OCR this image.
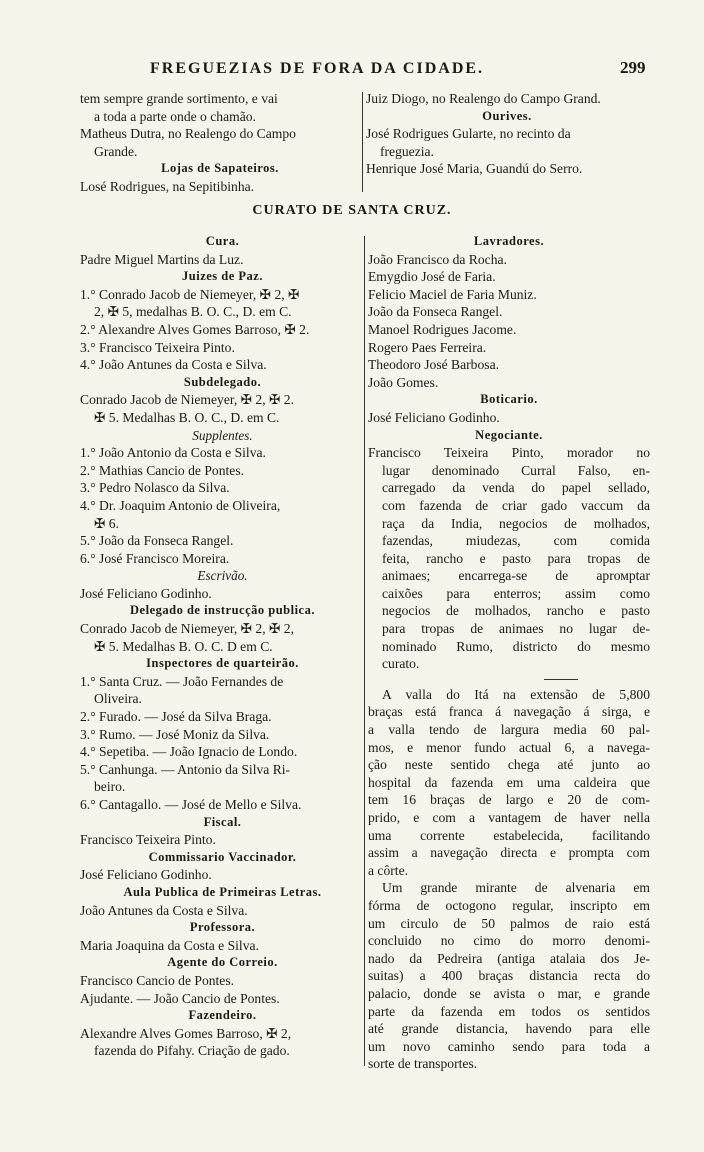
FREGUEZIAS DE FORA DA CIDADE.	299
tem sempre grande sortimento, e vai
a toda a parte onde o chamão.
Matheus Dutra, no Realengo do Campo
Grande.
Lojas de Sapateiros.
Losé Rodrigues, na Sepitibinha.
Juiz Diogo, no Realengo do Campo Grand.
Ourives.
José Rodrigues Gularte, no recinto da
freguezia.
Henrique José Maria, Guandú do Serro.
CURATO DE SANTA CRUZ.
Cura.
Padre Miguel Martins da Luz.
Juizes de Paz.
1.° Conrado Jacob de Niemeyer, ✠ 2, ✠
2, ✠ 5, medalhas B. O. C., D. em C.
2.° Alexandre Alves Gomes Barroso, ✠ 2.
3.° Francisco Teixeira Pinto.
4.° João Antunes da Costa e Silva.
Subdelegado.
Conrado Jacob de Niemeyer, ✠ 2, ✠ 2.
✠ 5. Medalhas B. O. C., D. em C.
Supplentes.
1.° João Antonio da Costa e Silva.
2.° Mathias Cancio de Pontes.
3.° Pedro Nolasco da Silva.
4.° Dr. Joaquim Antonio de Oliveira,
✠ 6.
5.° João da Fonseca Rangel.
6.° José Francisco Moreira.
Escrivão.
José Feliciano Godinho.
Delegado de instrucção publica.
Conrado Jacob de Niemeyer, ✠ 2, ✠ 2,
✠ 5. Medalhas B. O. C. D em C.
Inspectores de quarteirão.
1.° Santa Cruz. — João Fernandes de
Oliveira.
2.° Furado. — José da Silva Braga.
3.° Rumo. — José Moniz da Silva.
4.° Sepetiba. — João Ignacio de Londo.
5.° Canhunga. — Antonio da Silva Ri-
beiro.
6.° Cantagallo. — José de Mello e Silva.
Fiscal.
Francisco Teixeira Pinto.
Commissario Vaccinador.
José Feliciano Godinho.
Aula Publica de Primeiras Letras.
João Antunes da Costa e Silva.
Professora.
Maria Joaquina da Costa e Silva.
Agente do Correio.
Francisco Cancio de Pontes.
Ajudante. — João Cancio de Pontes.
Fazendeiro.
Alexandre Alves Gomes Barroso, ✠ 2,
fazenda do Pifahy. Criação de gado.
Lavradores.
João Francisco da Rocha.
Emygdio José de Faria.
Felicio Maciel de Faria Muniz.
João da Fonseca Rangel.
Manoel Rodrigues Jacome.
Rogero Paes Ferreira.
Theodoro José Barbosa.
João Gomes.
Boticario.
José Feliciano Godinho.
Negociante.
Francisco Teixeira Pinto, morador no
lugar denominado Curral Falso, en-
carregado da venda do papel sellado,
com fazenda de criar gado vaccum da
raça da India, negocios de molhados,
fazendas, miudezas, com comida
feita, rancho e pasto para tropas de
animaes; encarrega-se de aprомptar
caixões para enterros; assim como
negocios de molhados, rancho e pasto
para tropas de animaes no lugar de-
nominado Rumo, districto do mesmo
curato.
A valla do Itá na extensão de 5,800
braças está franca á navegação á sirga, e
a valla tendo de largura media 60 pal-
mos, e menor fundo actual 6, a navega-
ção neste sentido chega até junto ao
hospital da fazenda em uma caldeira que
tem 16 braças de largo e 20 de com-
prido, e com a vantagem de haver nella
uma corrente estabelecida, facilitando
assim a navegação directa e prompta com
a côrte.
Um grande mirante de alvenaria em
fórma de octogono regular, inscripto em
um circulo de 50 palmos de raio está
concluido no cimo do morro denomi-
nado da Pedreira (antiga atalaia dos Je-
suitas) a 400 braças distancia recta do
palacio, donde se avista o mar, e grande
parte da fazenda em todos os sentidos
até grande distancia, havendo para elle
um novo caminho sendo para toda a
sorte de transportes.
